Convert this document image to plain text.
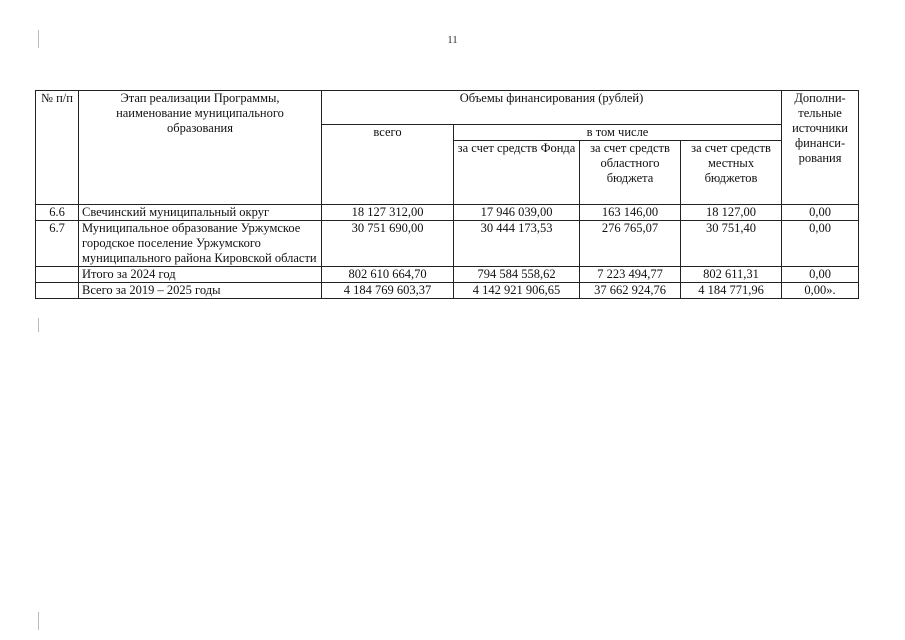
11
№ п/п	Этап реализации Программы, наименование муниципального образования	Объемы финансирования (рублей)				Дополни-тельные источники финанси-рования
		всего	в том числе			
			за счет средств Фонда	за счет средств областного бюджета	за счет средств местных бюджетов	
6.6	Свечинский муниципальный округ	18 127 312,00	17 946 039,00	163 146,00	18 127,00	0,00
6.7	Муниципальное образование Уржумское городское поселение Уржумского муниципального района Кировской области	30 751 690,00	30 444 173,53	276 765,07	30 751,40	0,00
	Итого за 2024 год	802 610 664,70	794 584 558,62	7 223 494,77	802 611,31	0,00
	Всего за 2019 – 2025 годы	4 184 769 603,37	4 142 921 906,65	37 662 924,76	4 184 771,96	0,00».
